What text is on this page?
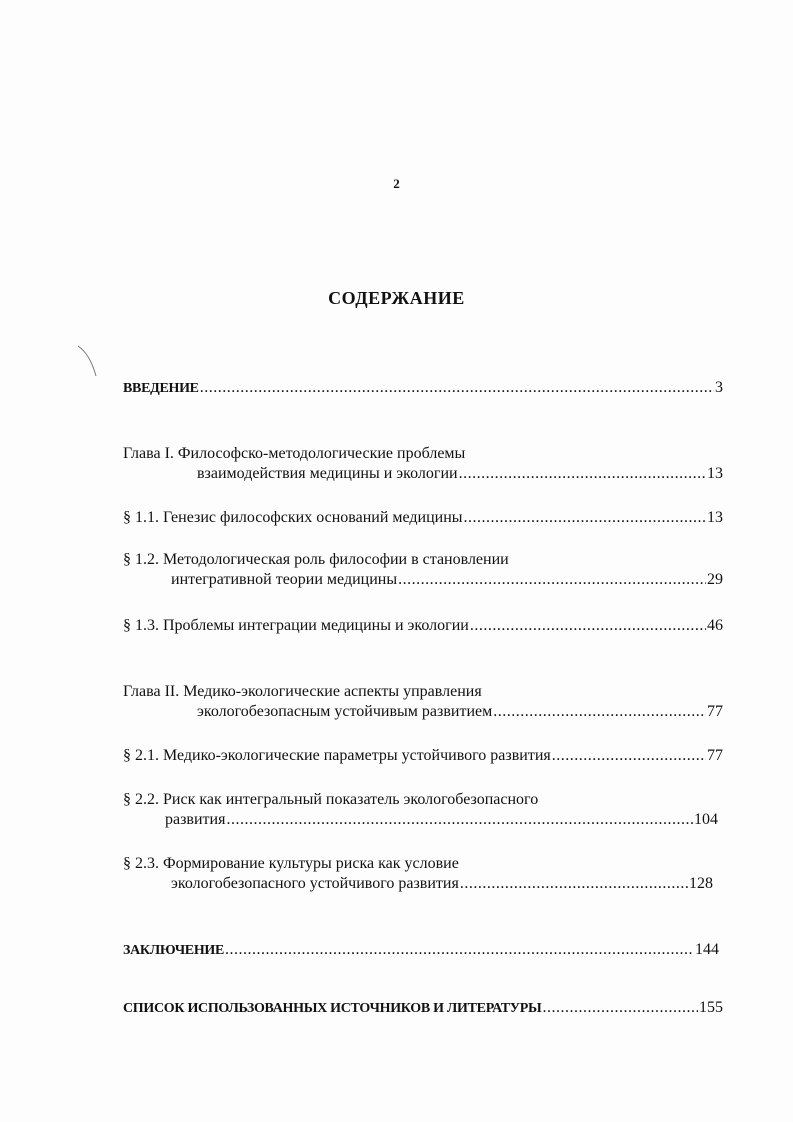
2
СОДЕРЖАНИЕ
ВВЕДЕНИЕ .....	3
Глава I. Философско-методологические проблемы
взаимодействия медицины и экологии .....	13
§ 1.1. Генезис философских оснований медицины .....	13
§ 1.2. Методологическая роль философии в становлении
интегративной теории медицины .....	29
§ 1.3. Проблемы интеграции медицины и экологии .....	46
Глава II. Медико-экологические аспекты управления
экологобезопасным устойчивым развитием .....	77
§ 2.1. Медико-экологические параметры устойчивого развития .....	77
§ 2.2. Риск как интегральный показатель экологобезопасного
развития .....	104
§ 2.3. Формирование культуры риска как условие
экологобезопасного устойчивого развития .....	128
ЗАКЛЮЧЕНИЕ .....	144
СПИСОК ИСПОЛЬЗОВАННЫХ ИСТОЧНИКОВ И ЛИТЕРАТУРЫ .....	155
